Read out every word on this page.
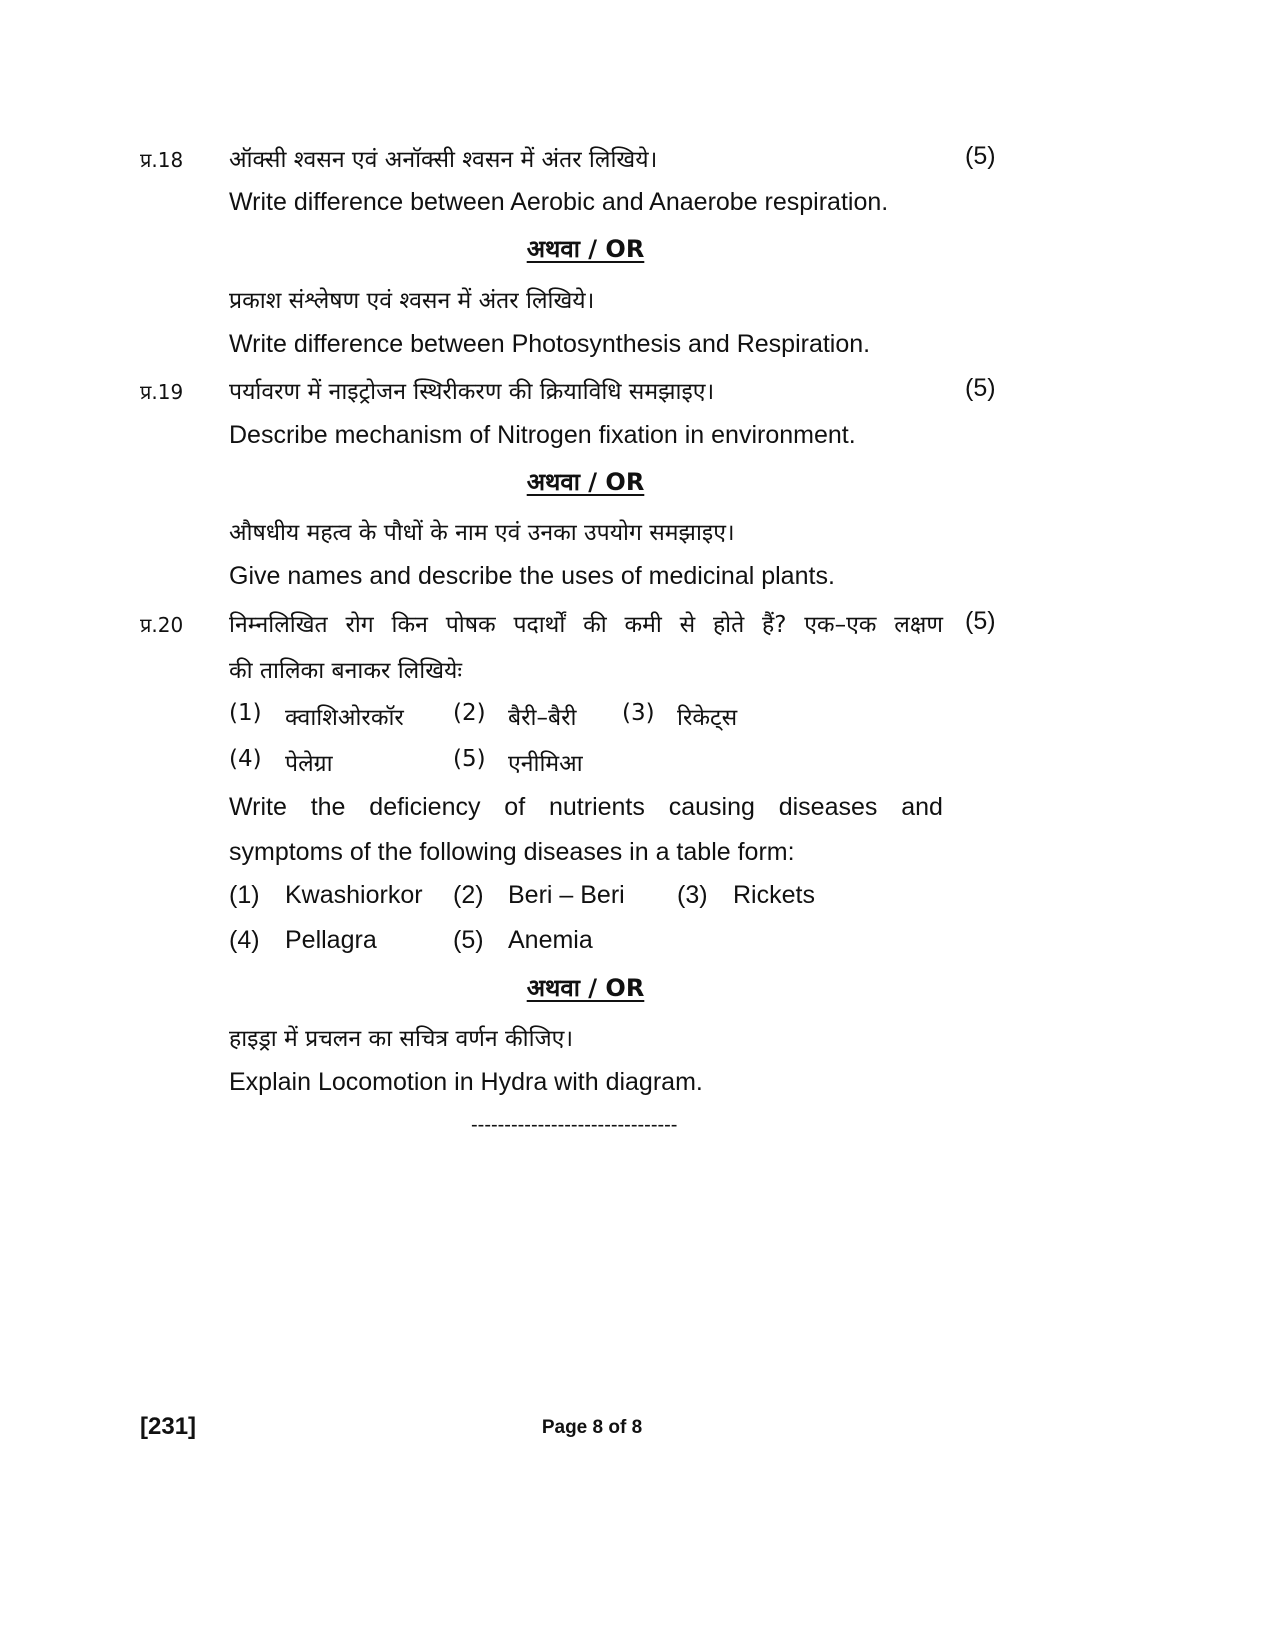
प्र.18 ऑक्सी श्वसन एवं अनॉक्सी श्वसन में अंतर लिखिये।	(5)
Write difference between Aerobic and Anaerobe respiration.
अथवा / OR
प्रकाश संश्लेषण एवं श्वसन में अंतर लिखिये।
Write difference between Photosynthesis and Respiration.
प्र.19 पर्यावरण में नाइट्रोजन स्थिरीकरण की क्रियाविधि समझाइए।	(5)
Describe mechanism of Nitrogen fixation in environment.
अथवा / OR
औषधीय महत्व के पौधों के नाम एवं उनका उपयोग समझाइए।
Give names and describe the uses of medicinal plants.
प्र.20 निम्नलिखित रोग किन पोषक पदार्थों की कमी से होते हैं? एक–एक लक्षण (5)
की तालिका बनाकर लिखियेः
(1) क्वाशिओरकॉर (2) बैरी–बैरी (3) रिकेट्स
(4) पेलेग्रा	(5) एनीमिआ
Write the deficiency of nutrients causing diseases and
symptoms of the following diseases in a table form:
(1) Kwashiorkor (2) Beri – Beri (3) Rickets
(4) Pellagra	(5) Anemia
अथवा / OR
हाइड्रा में प्रचलन का सचित्र वर्णन कीजिए।
Explain Locomotion in Hydra with diagram.
-------------------------------
[231]	Page 8 of 8
